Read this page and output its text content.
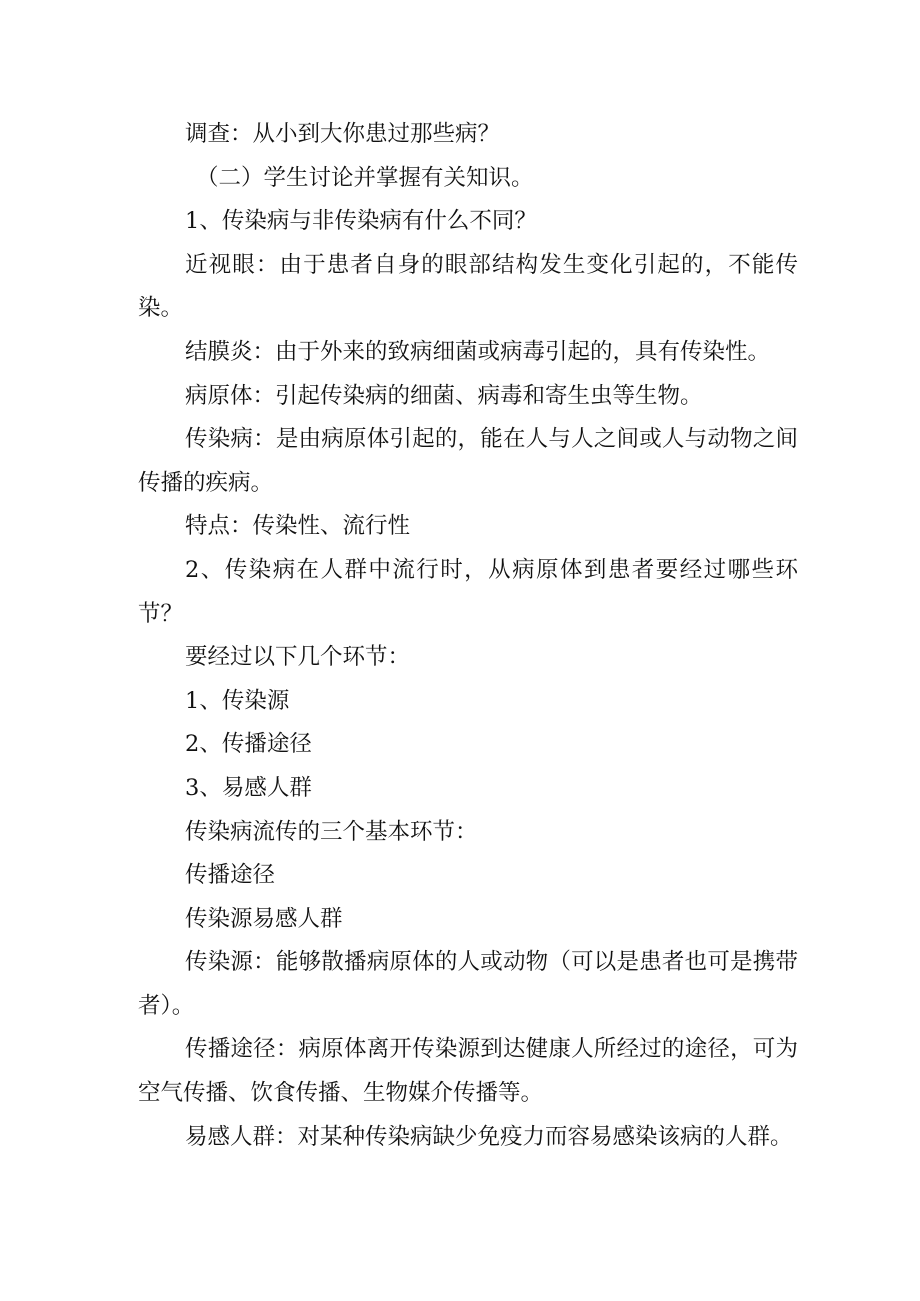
调查：从小到大你患过那些病？

（二）学生讨论并掌握有关知识。

1、传染病与非传染病有什么不同？

近视眼：由于患者自身的眼部结构发生变化引起的，不能传染。

结膜炎：由于外来的致病细菌或病毒引起的，具有传染性。

病原体：引起传染病的细菌、病毒和寄生虫等生物。

传染病：是由病原体引起的，能在人与人之间或人与动物之间传播的疾病。

特点：传染性、流行性

2、传染病在人群中流行时，从病原体到患者要经过哪些环节？

要经过以下几个环节：

1、传染源

2、传播途径

3、易感人群

传染病流传的三个基本环节：

传播途径

传染源易感人群

传染源：能够散播病原体的人或动物（可以是患者也可是携带者）。

传播途径：病原体离开传染源到达健康人所经过的途径，可为空气传播、饮食传播、生物媒介传播等。

易感人群：对某种传染病缺少免疫力而容易感染该病的人群。
